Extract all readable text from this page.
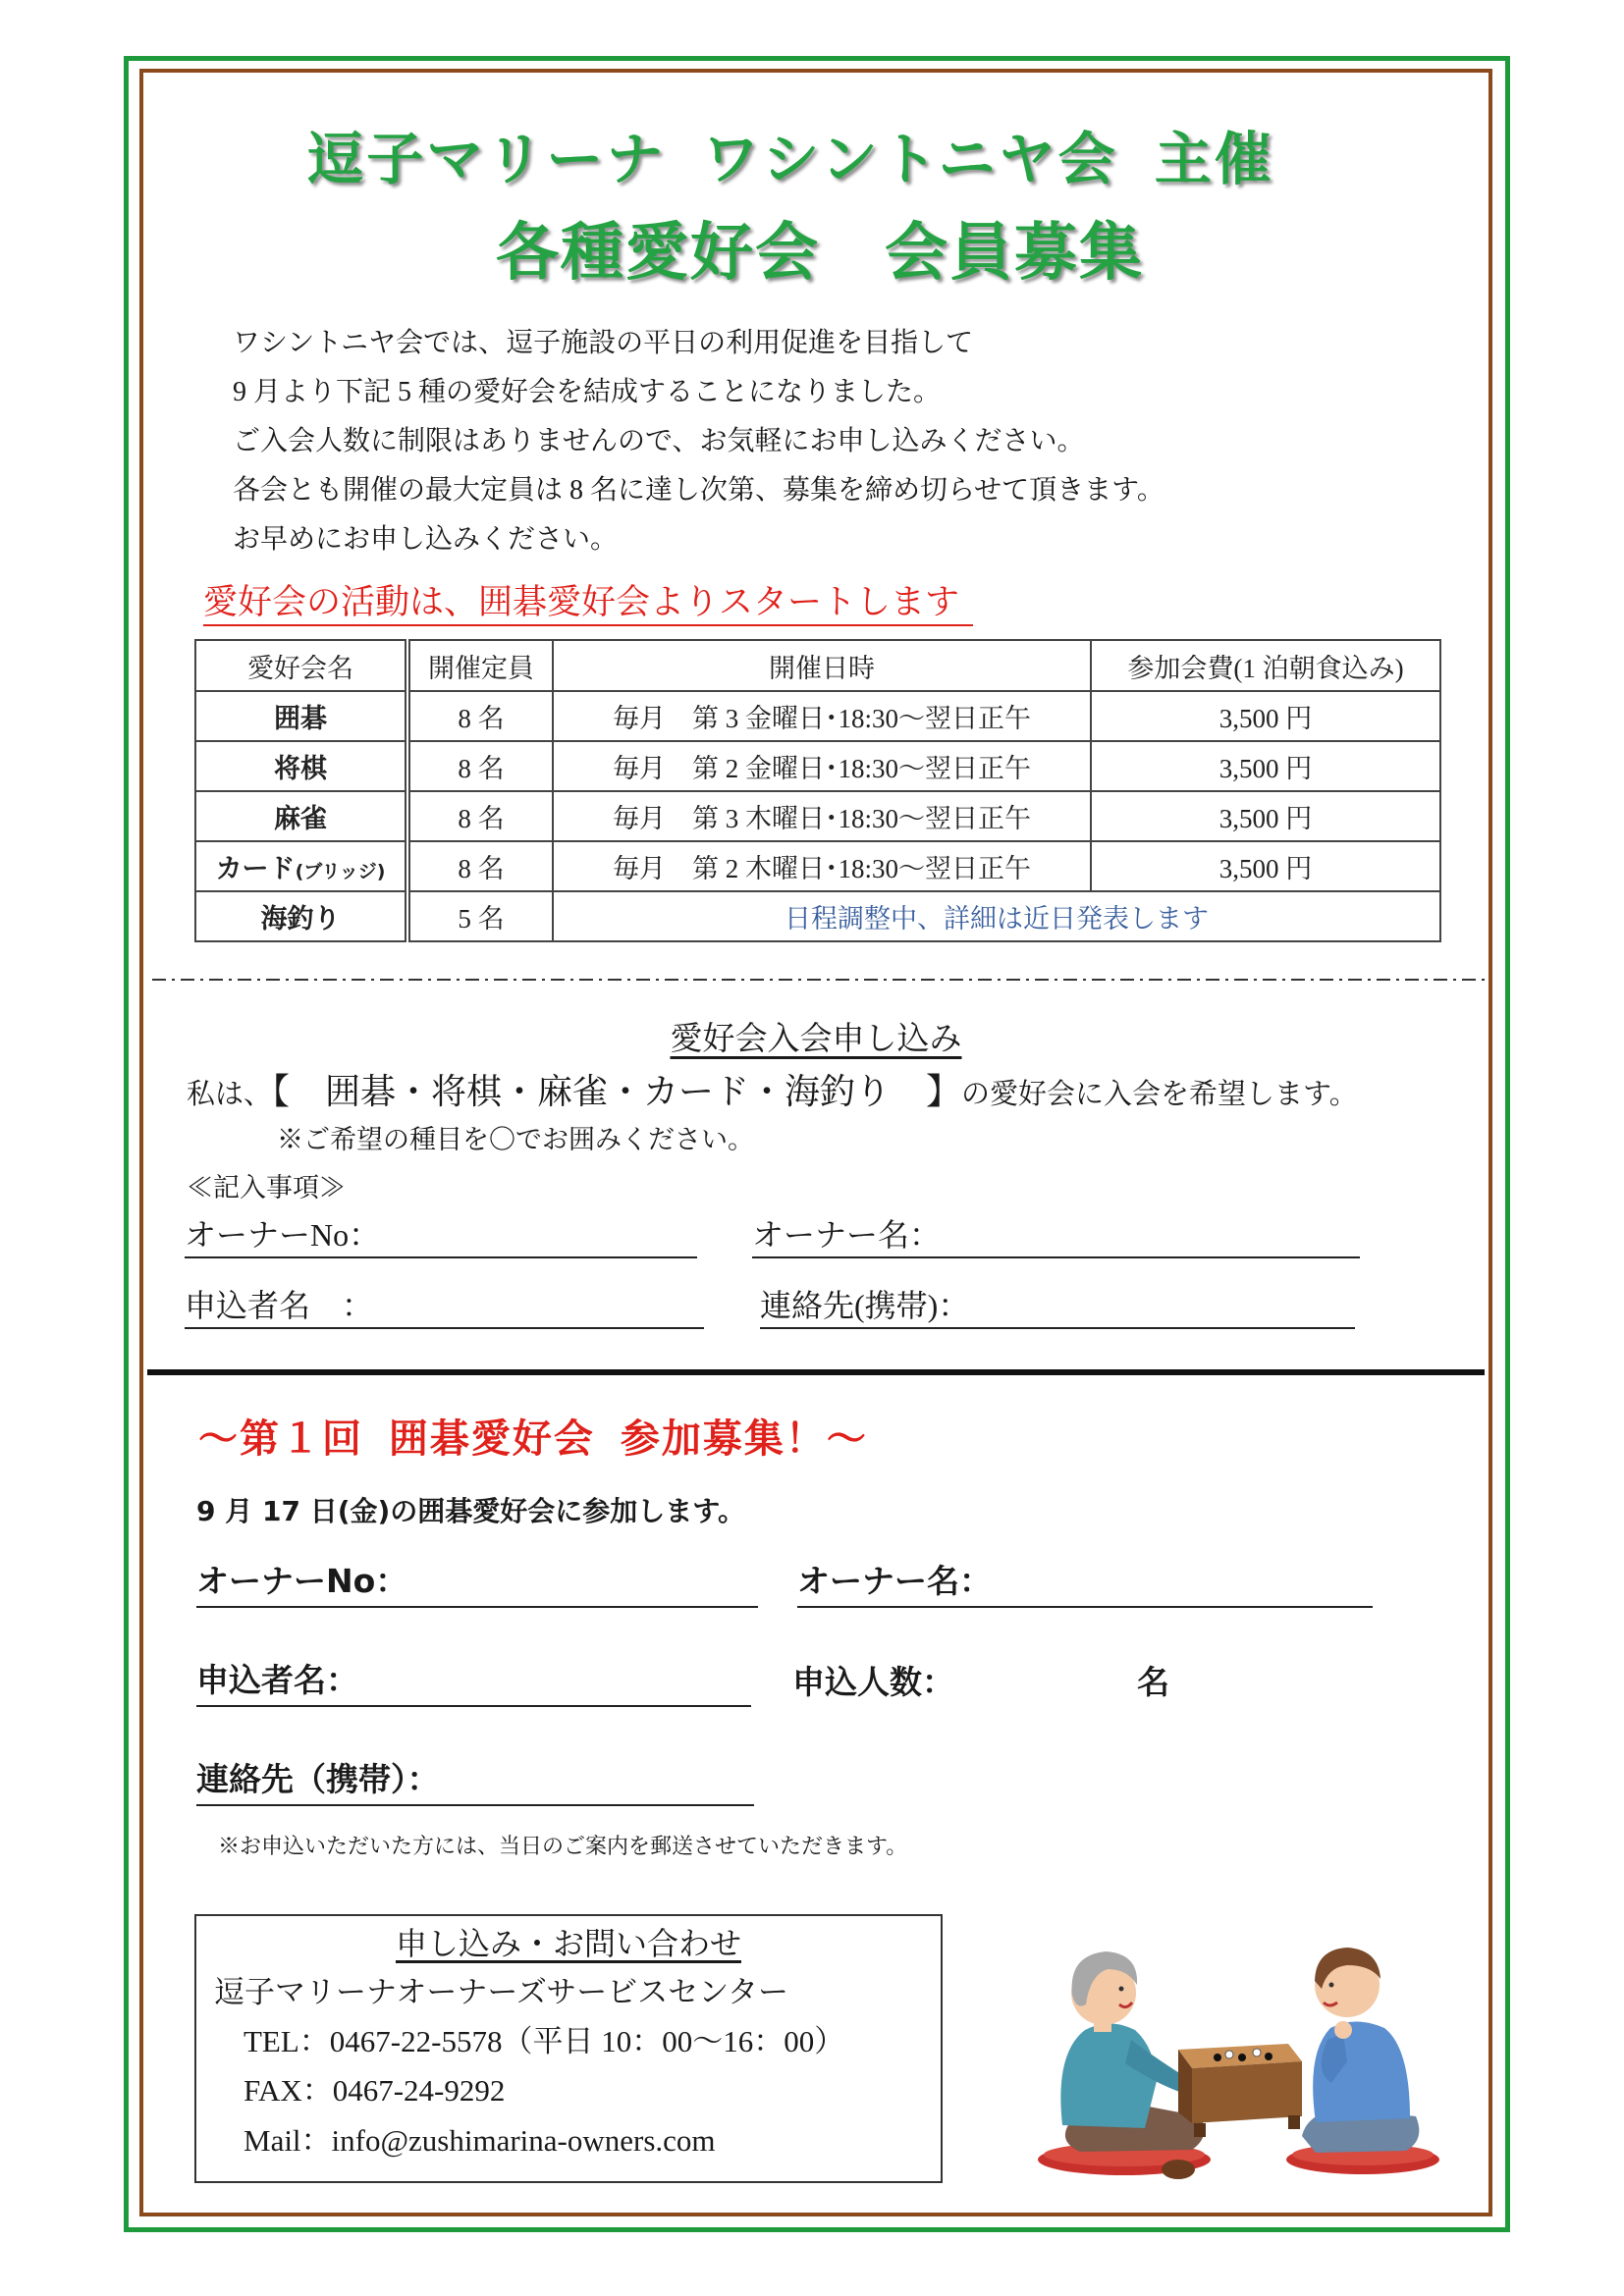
逗子マリーナ ワシントニヤ会 主催
各種愛好会　会員募集
ワシントニヤ会では、逗子施設の平日の利用促進を目指して
9 月より下記 5 種の愛好会を結成することになりました。
ご入会人数に制限はありませんので、お気軽にお申し込みください。
各会とも開催の最大定員は 8 名に達し次第、募集を締め切らせて頂きます。
お早めにお申し込みください。
愛好会の活動は、囲碁愛好会よりスタートします
愛好会名	開催定員	開催日時	参加会費(1 泊朝食込み)
囲碁	8 名	毎月　第 3 金曜日･18:30～翌日正午	3,500 円
将棋	8 名	毎月　第 2 金曜日･18:30～翌日正午	3,500 円
麻雀	8 名	毎月　第 3 木曜日･18:30～翌日正午	3,500 円
カード(ブリッジ)	8 名	毎月　第 2 木曜日･18:30～翌日正午	3,500 円
海釣り	5 名	日程調整中、詳細は近日発表します	
愛好会入会申し込み
私は、【　囲碁・将棋・麻雀・カード・海釣り　】の愛好会に入会を希望します。
※ご希望の種目を〇でお囲みください。
≪記入事項≫
オーナーNo：	オーナー名：
申込者名　：	連絡先(携帯)：
～第１回 囲碁愛好会 参加募集！～
9 月 17 日(金)の囲碁愛好会に参加します。
オーナーNo：	オーナー名：
申込者名：	申込人数：	名
連絡先（携帯）：
※お申込いただいた方には、当日のご案内を郵送させていただきます。
申し込み・お問い合わせ
逗子マリーナオーナーズサービスセンター
TEL：0467-22-5578（平日 10：00～16：00）
FAX：0467-24-9292
Mail：info@zushimarina-owners.com
